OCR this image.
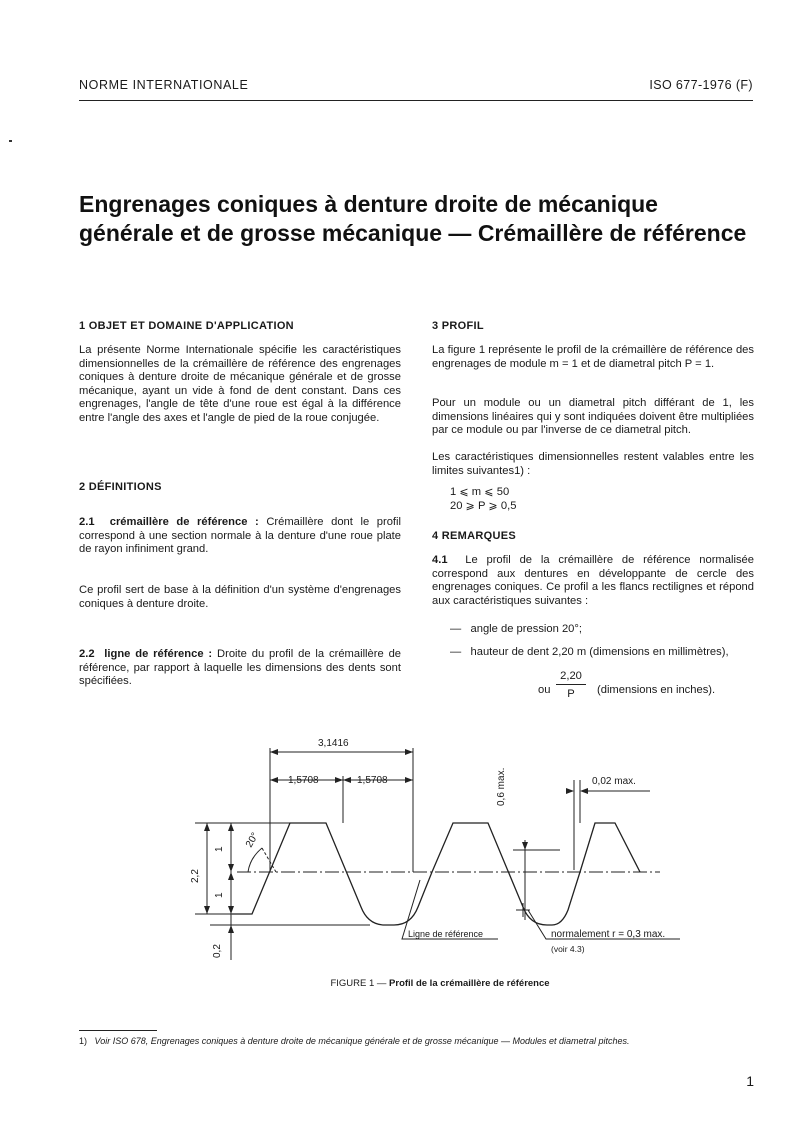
NORME INTERNATIONALE	ISO 677-1976 (F)
Engrenages coniques à denture droite de mécanique
générale et de grosse mécanique — Crémaillère de référence
1 OBJET ET DOMAINE D'APPLICATION
La présente Norme Internationale spécifie les caractéristiques dimensionnelles de la crémaillère de référence des engrenages coniques à denture droite de mécanique générale et de grosse mécanique, ayant un vide à fond de dent constant. Dans ces engrenages, l'angle de tête d'une roue est égal à la différence entre l'angle des axes et l'angle de pied de la roue conjugée.
2 DÉFINITIONS
2.1 crémaillère de référence : Crémaillère dont le profil correspond à une section normale à la denture d'une roue plate de rayon infiniment grand.
Ce profil sert de base à la définition d'un système d'engrenages coniques à denture droite.
2.2 ligne de référence : Droite du profil de la crémaillère de référence, par rapport à laquelle les dimensions des dents sont spécifiées.
3 PROFIL
La figure 1 représente le profil de la crémaillère de référence des engrenages de module m = 1 et de diametral pitch P = 1.
Pour un module ou un diametral pitch différant de 1, les dimensions linéaires qui y sont indiquées doivent être multipliées par ce module ou par l'inverse de ce diametral pitch.
Les caractéristiques dimensionnelles restent valables entre les limites suivantes1) :
1 ⩽ m ⩽ 50
20 ⩾ P ⩾ 0,5
4 REMARQUES
4.1 Le profil de la crémaillère de référence normalisée correspond aux dentures en développante de cercle des engrenages coniques. Ce profil a les flancs rectilignes et répond aux caractéristiques suivantes :
— angle de pression 20°;
— hauteur de dent 2,20 m (dimensions en millimètres),
ou
2,20
P	(dimensions en inches).
3,1416
1,5708	1,5708	0,02 max.
0,6 max.
2,2
1
1
0,2
20°
Ligne de référence	normalement r = 0,3 max.
(voir 4.3)
FIGURE 1 — Profil de la crémaillère de référence
1) Voir ISO 678, Engrenages coniques à denture droite de mécanique générale et de grosse mécanique — Modules et diametral pitches.
1
